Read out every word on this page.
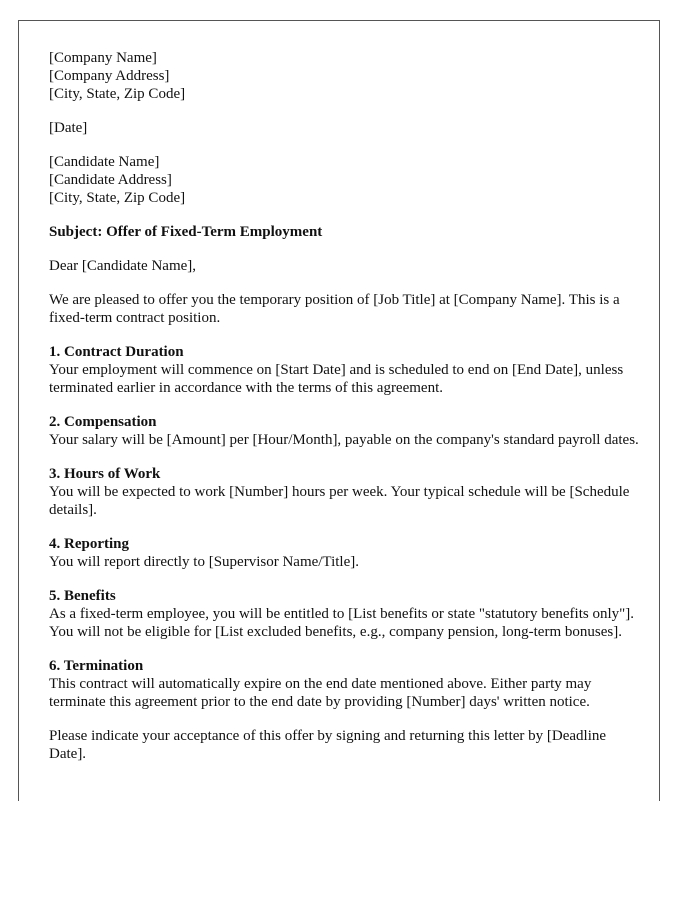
[Company Name]
[Company Address]
[City, State, Zip Code]
[Date]
[Candidate Name]
[Candidate Address]
[City, State, Zip Code]

Subject: Offer of Fixed-Term Employment

Dear [Candidate Name],

We are pleased to offer you the temporary position of [Job Title] at [Company Name]. This is a fixed-term contract position.

1. Contract Duration
Your employment will commence on [Start Date] and is scheduled to end on [End Date], unless terminated earlier in accordance with the terms of this agreement.
2. Compensation
Your salary will be [Amount] per [Hour/Month], payable on the company's standard payroll dates.
3. Hours of Work
You will be expected to work [Number] hours per week. Your typical schedule will be [Schedule details].
4. Reporting
You will report directly to [Supervisor Name/Title].
5. Benefits
As a fixed-term employee, you will be entitled to [List benefits or state "statutory benefits only"]. You will not be eligible for [List excluded benefits, e.g., company pension, long-term bonuses].
6. Termination
This contract will automatically expire on the end date mentioned above. Either party may terminate this agreement prior to the end date by providing [Number] days' written notice.

Please indicate your acceptance of this offer by signing and returning this letter by [Deadline Date].
